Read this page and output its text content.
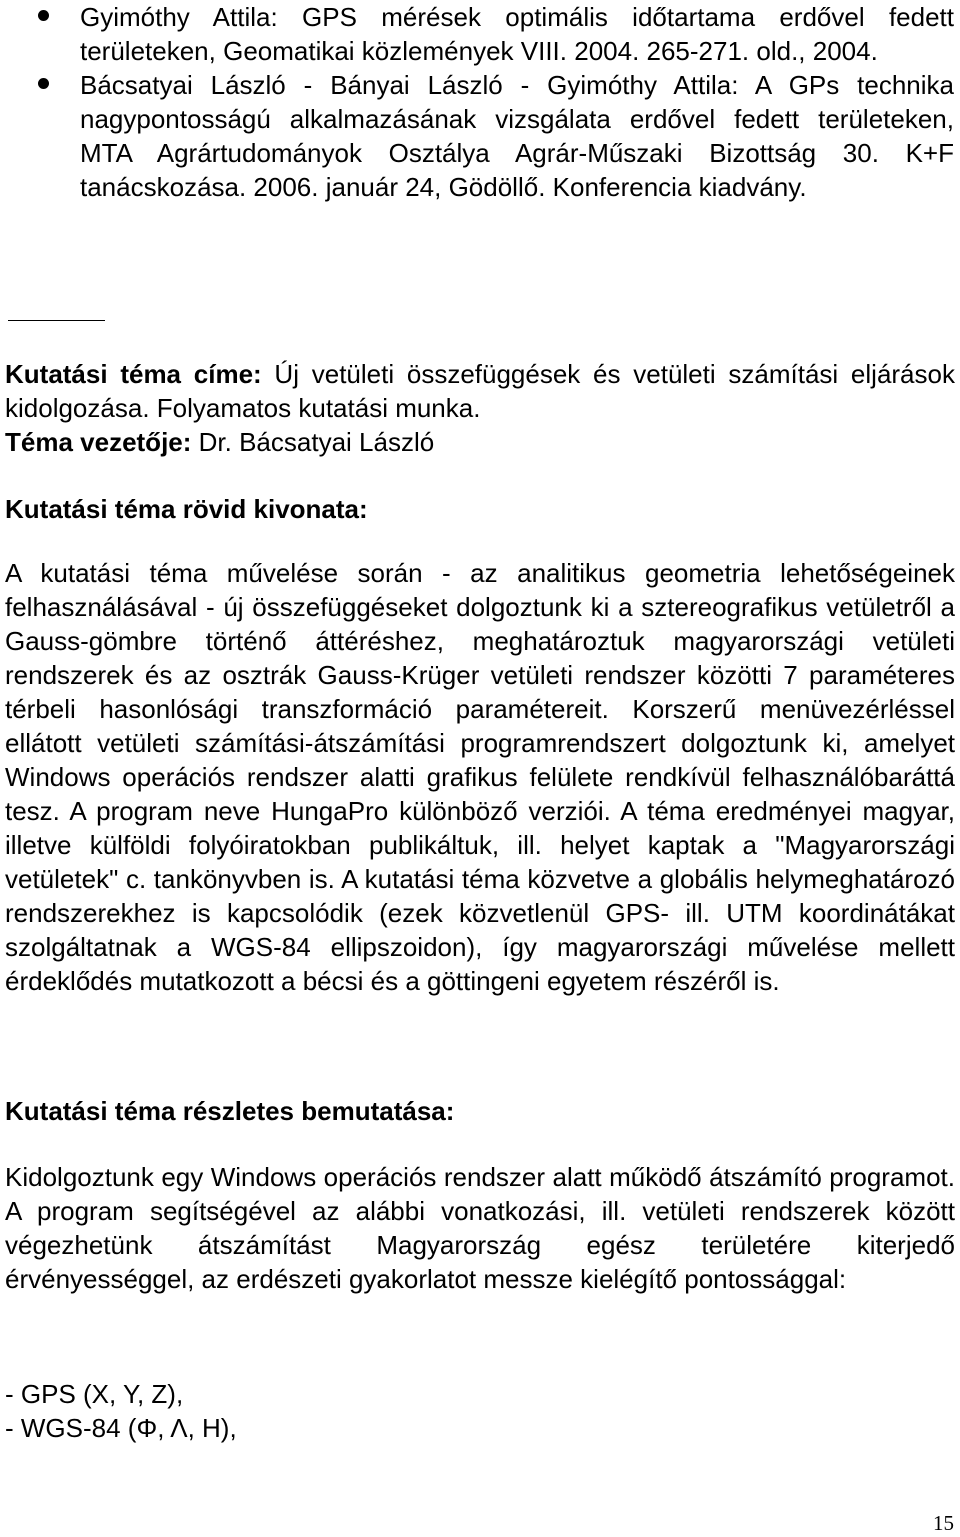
Gyimóthy Attila: GPS mérések optimális időtartama erdővel fedett területeken, Geomatikai közlemények VIII. 2004. 265-271. old., 2004.
Bácsatyai László - Bányai László - Gyimóthy Attila: A GPs technika nagypontosságú alkalmazásának vizsgálata erdővel fedett területeken, MTA Agrártudományok Osztálya Agrár-Műszaki Bizottság 30. K+F tanácskozása. 2006. január 24, Gödöllő. Konferencia kiadvány.
Kutatási téma címe: Új vetületi összefüggések és vetületi számítási eljárások kidolgozása. Folyamatos kutatási munka.
Téma vezetője: Dr. Bácsatyai László
Kutatási téma rövid kivonata:
A kutatási téma művelése során - az analitikus geometria lehetőségeinek felhasználásával - új összefüggéseket dolgoztunk ki a sztereografikus vetületről a Gauss-gömbre történő áttéréshez, meghatároztuk magyarországi vetületi rendszerek és az osztrák Gauss-Krüger vetületi rendszer közötti 7 paraméteres térbeli hasonlósági transzformáció paramétereit. Korszerű menüvezérléssel ellátott vetületi számítási-átszámítási programrendszert dolgoztunk ki, amelyet Windows operációs rendszer alatti grafikus felülete rendkívül felhasználóbaráttá tesz. A program neve HungaPro különböző verziói. A téma eredményei magyar, illetve külföldi folyóiratokban publikáltuk, ill. helyet kaptak a "Magyarországi vetületek" c. tankönyvben is. A kutatási téma közvetve a globális helymeghatározó rendszerekhez is kapcsolódik (ezek közvetlenül GPS- ill. UTM koordinátákat szolgáltatnak a WGS-84 ellipszoidon), így magyarországi művelése mellett érdeklődés mutatkozott a bécsi és a göttingeni egyetem részéről is.
Kutatási téma részletes bemutatása:
Kidolgoztunk egy Windows operációs rendszer alatt működő átszámító programot. A program segítségével az alábbi vonatkozási, ill. vetületi rendszerek között végezhetünk átszámítást Magyarország egész területére kiterjedő érvényességgel, az erdészeti gyakorlatot messze kielégítő pontossággal:
- GPS (X, Y, Z),
- WGS-84 (Φ, Λ, H),
15
